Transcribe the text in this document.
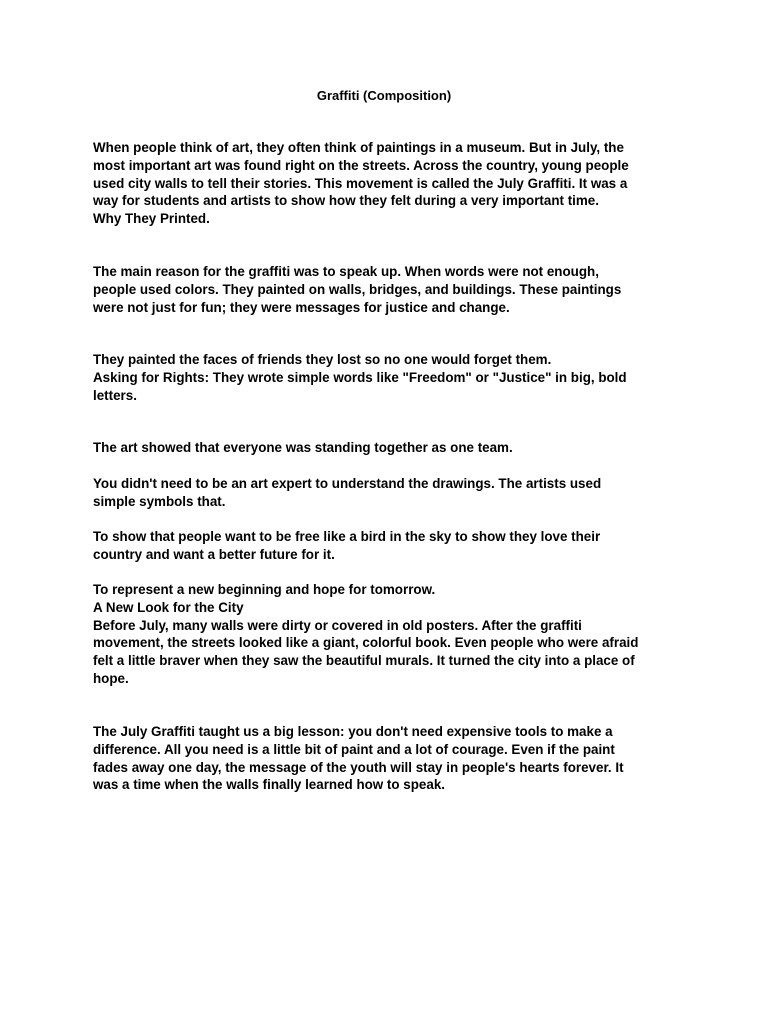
Graffiti (Composition)
When people think of art, they often think of paintings in a museum. But in July, the
most important art was found right on the streets. Across the country, young people
used city walls to tell their stories. This movement is called the July Graffiti. It was a
way for students and artists to show how they felt during a very important time.
Why They Printed.
The main reason for the graffiti was to speak up. When words were not enough,
people used colors. They painted on walls, bridges, and buildings. These paintings
were not just for fun; they were messages for justice and change.
They painted the faces of friends they lost so no one would forget them.
Asking for Rights: They wrote simple words like "Freedom" or "Justice" in big, bold
letters.
The art showed that everyone was standing together as one team.
You didn't need to be an art expert to understand the drawings. The artists used
simple symbols that.
To show that people want to be free like a bird in the sky to show they love their
country and want a better future for it.
To represent a new beginning and hope for tomorrow.
A New Look for the City
Before July, many walls were dirty or covered in old posters. After the graffiti
movement, the streets looked like a giant, colorful book. Even people who were afraid
felt a little braver when they saw the beautiful murals. It turned the city into a place of
hope.
The July Graffiti taught us a big lesson: you don't need expensive tools to make a
difference. All you need is a little bit of paint and a lot of courage. Even if the paint
fades away one day, the message of the youth will stay in people's hearts forever. It
was a time when the walls finally learned how to speak.
